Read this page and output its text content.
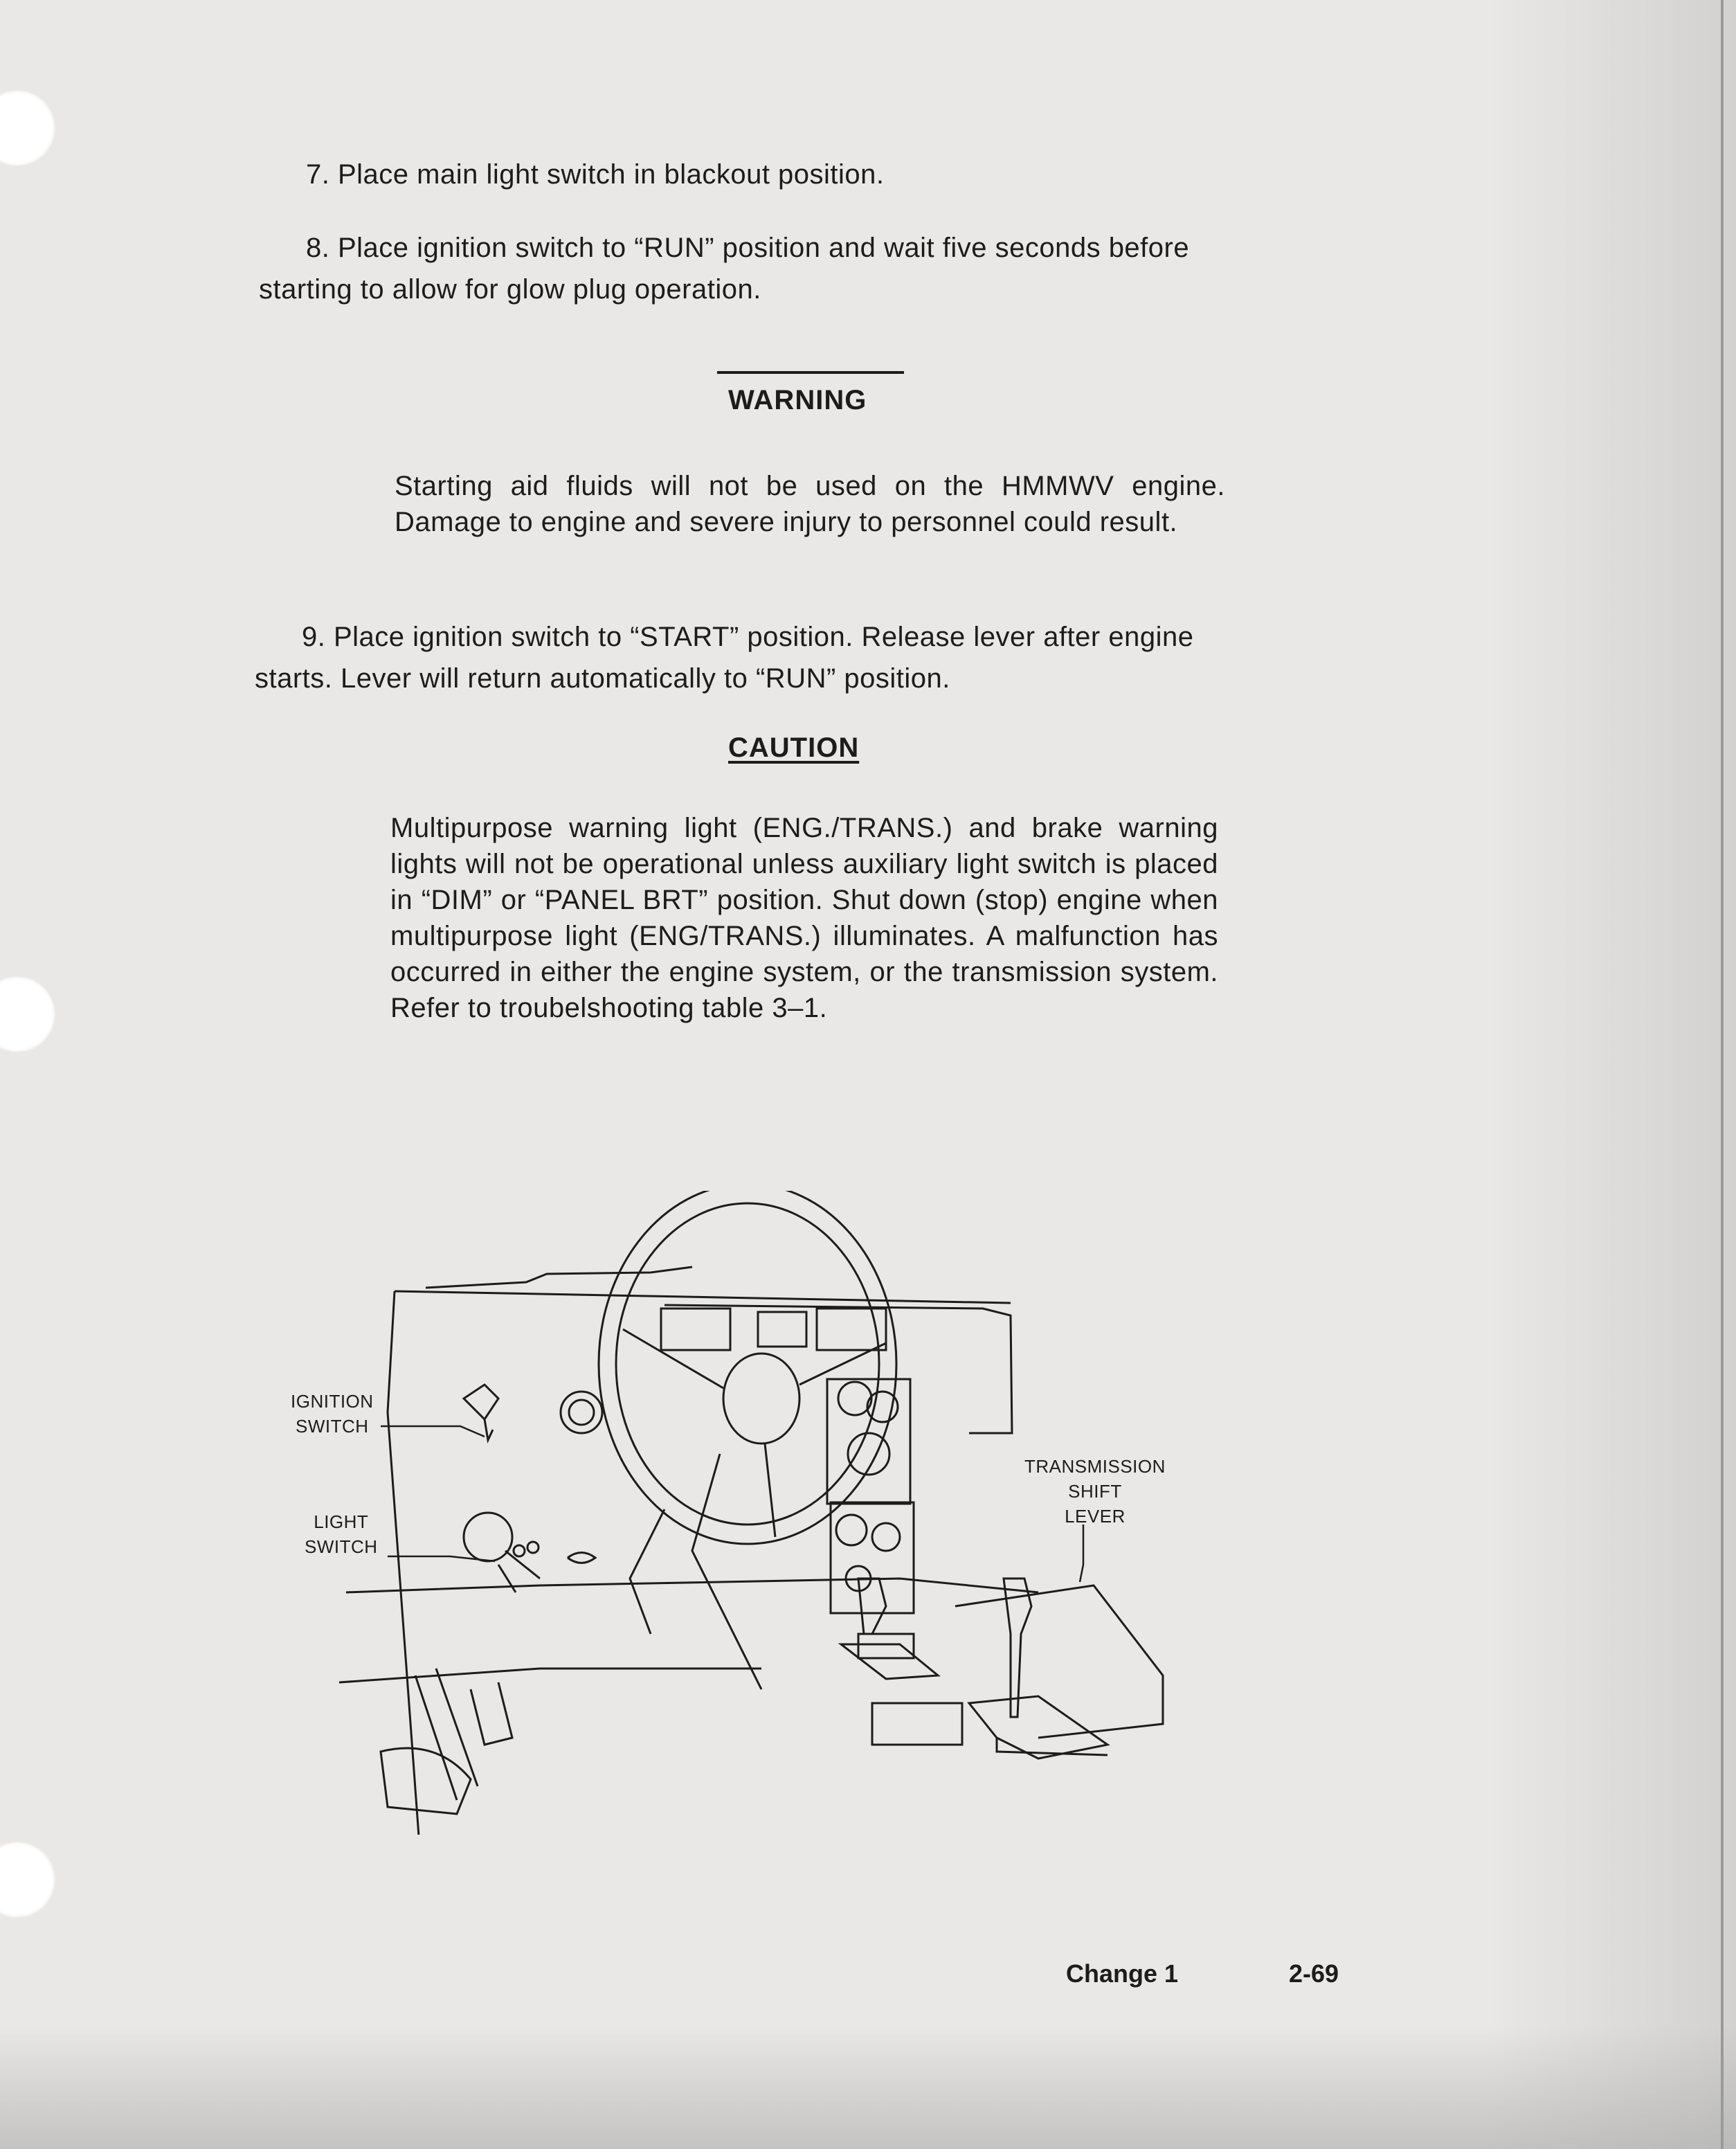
7. Place main light switch in blackout position.
8. Place ignition switch to “RUN” position and wait five seconds before
starting to allow for glow plug operation.
WARNING
Starting aid fluids will not be used on the HMMWV engine. Damage to engine and severe injury to personnel could result.
9. Place ignition switch to “START” position. Release lever after engine
starts. Lever will return automatically to “RUN” position.
CAUTION
Multipurpose warning light (ENG./TRANS.) and brake warning lights will not be operational unless auxiliary light switch is placed in “DIM” or “PANEL BRT” position. Shut down (stop) engine when multipurpose light (ENG/TRANS.) illuminates. A malfunction has occurred in either the engine system, or the transmission system. Refer to troubelshooting table 3–1.
IGNITION
SWITCH
LIGHT
SWITCH
TRANSMISSION
SHIFT
LEVER
Change 1	2-69
